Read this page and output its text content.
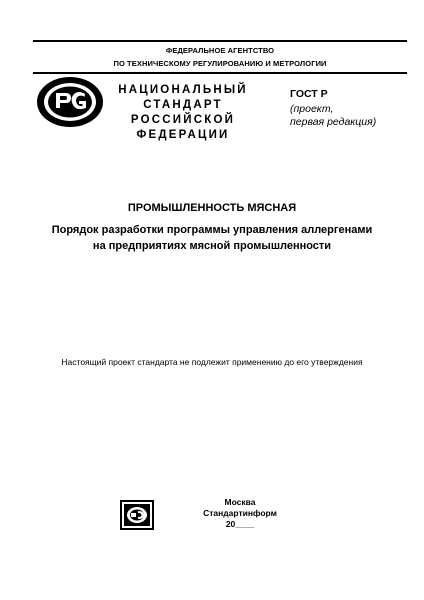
ФЕДЕРАЛЬНОЕ АГЕНТСТВО
ПО ТЕХНИЧЕСКОМУ РЕГУЛИРОВАНИЮ И МЕТРОЛОГИИ
НАЦИОНАЛЬНЫЙ
СТАНДАРТ
РОССИЙСКОЙ
ФЕДЕРАЦИИ
ГОСТ Р
(проект,
первая редакция)
ПРОМЫШЛЕННОСТЬ МЯСНАЯ
Порядок разработки программы управления аллергенами
на предприятиях мясной промышленности
Настоящий проект стандарта не подлежит применению до его утверждения
Москва
Стандартинформ
20____
